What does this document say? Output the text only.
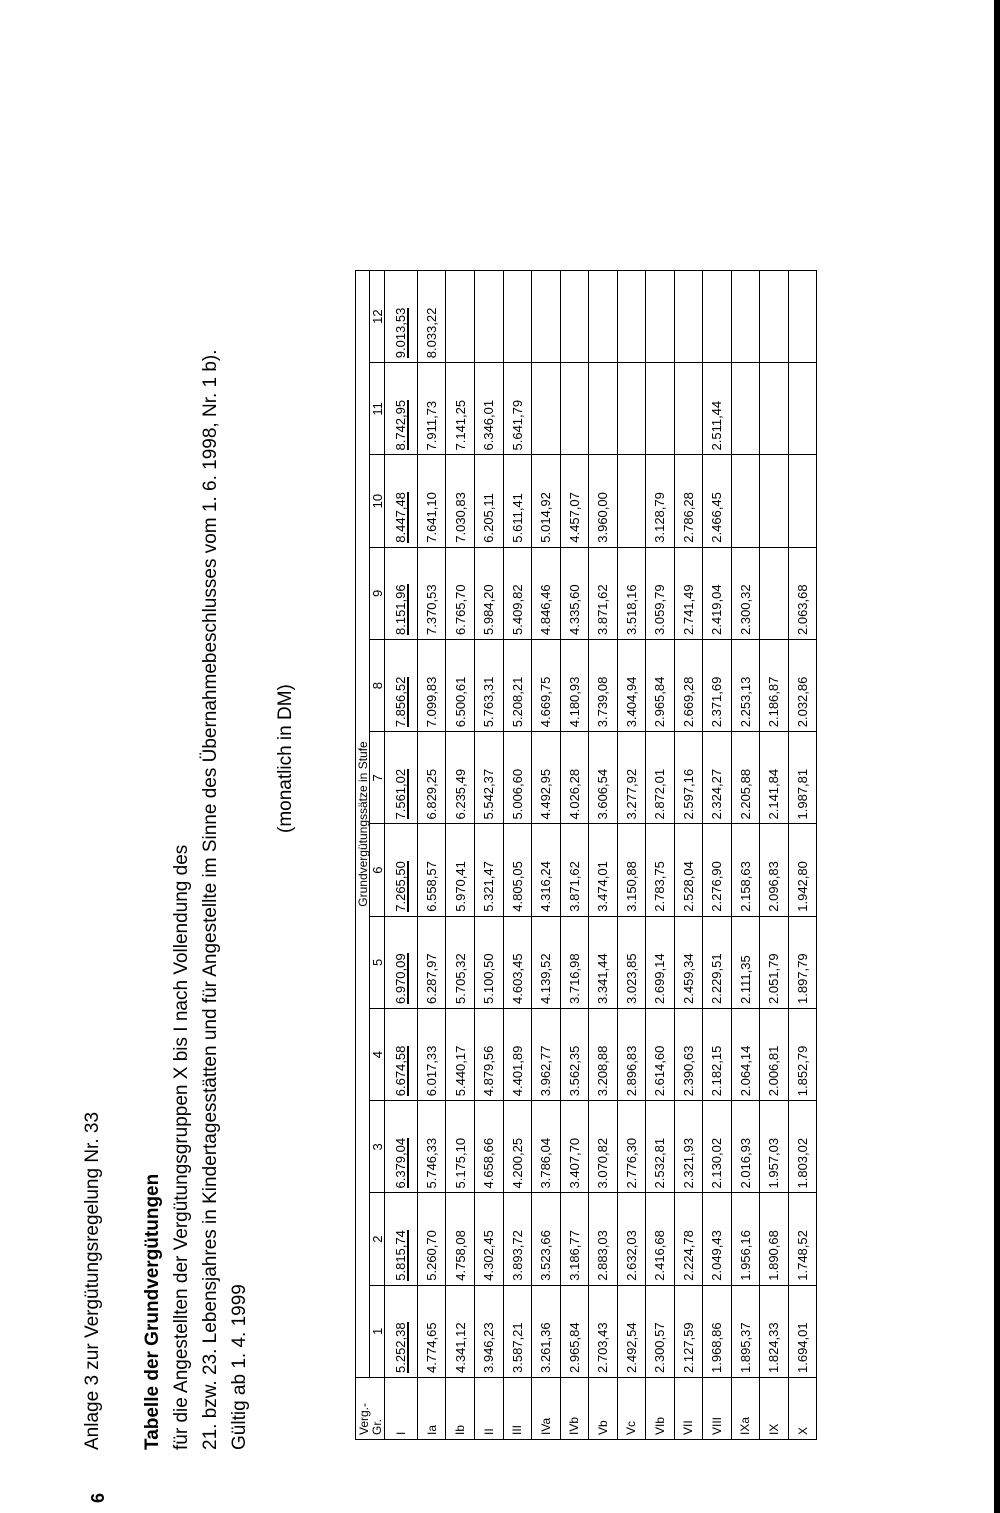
6
Anlage 3 zur Vergütungsregelung Nr. 33 Tabelle der Grundvergütungen für die Angestellten der Vergütungsgruppen X bis I nach Vollendung des 21. bzw. 23. Lebensjahres in Kindertagesstätten und für Angestellte im Sinne des Übernahmebeschlusses vom 1. 6. 1998, Nr. 1 b). Gültig ab 1. 4. 1999
(monatlich in DM)
Verg.-
Gr.	Grundvergütungssätze in Stufe											
	1	2	3	4	5	6	7	8	9	10	11	12
I	5.252,38	5.815,74	6.379,04	6.674,58	6.970,09	7.265,50	7.561,02	7.856,52	8.151,96	8.447,48	8.742,95	9.013,53
Ia	4.774,65	5.260,70	5.746,33	6.017,33	6.287,97	6.558,57	6.829,25	7.099,83	7.370,53	7.641,10	7.911,73	8.033,22
Ib	4.341,12	4.758,08	5.175,10	5.440,17	5.705,32	5.970,41	6.235,49	6.500,61	6.765,70	7.030,83	7.141,25	
II	3.946,23	4.302,45	4.658,66	4.879,56	5.100,50	5.321,47	5.542,37	5.763,31	5.984,20	6.205,11	6.346,01	
III	3.587,21	3.893,72	4.200,25	4.401,89	4.603,45	4.805,05	5.006,60	5.208,21	5.409,82	5.611,41	5.641,79	
IVa	3.261,36	3.523,66	3.786,04	3.962,77	4.139,52	4.316,24	4.492,95	4.669,75	4.846,46	5.014,92		
IVb	2.965,84	3.186,77	3.407,70	3.562,35	3.716,98	3.871,62	4.026,28	4.180,93	4.335,60	4.457,07		
Vb	2.703,43	2.883,03	3.070,82	3.208,88	3.341,44	3.474,01	3.606,54	3.739,08	3.871,62	3.960,00		
Vc	2.492,54	2.632,03	2.776,30	2.896,83	3.023,85	3.150,88	3.277,92	3.404,94	3.518,16			
VIb	2.300,57	2.416,68	2.532,81	2.614,60	2.699,14	2.783,75	2.872,01	2.965,84	3.059,79	3.128,79		
VII	2.127,59	2.224,78	2.321,93	2.390,63	2.459,34	2.528,04	2.597,16	2.669,28	2.741,49	2.786,28		
VIII	1.968,86	2.049,43	2.130,02	2.182,15	2.229,51	2.276,90	2.324,27	2.371,69	2.419,04	2.466,45	2.511,44	
IXa	1.895,37	1.956,16	2.016,93	2.064,14	2.111,35	2.158,63	2.205,88	2.253,13	2.300,32			
IX	1.824,33	1.890,68	1.957,03	2.006,81	2.051,79	2.096,83	2.141,84	2.186,87				
X	1.694,01	1.748,52	1.803,02	1.852,79	1.897,79	1.942,80	1.987,81	2.032,86	2.063,68			
